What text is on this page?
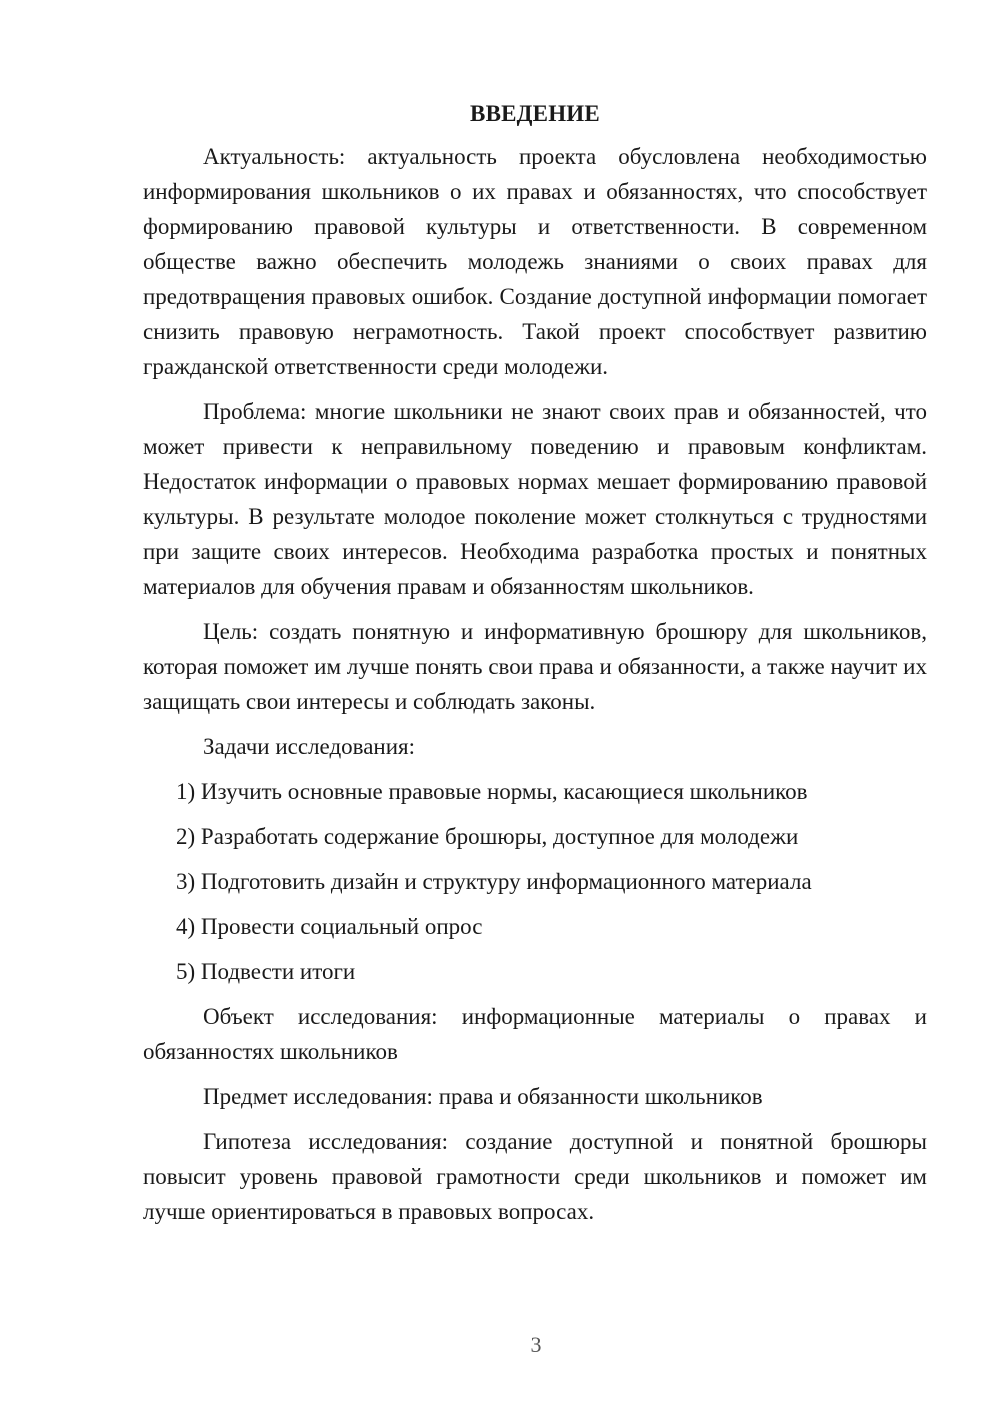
ВВЕДЕНИЕ

Актуальность: актуальность проекта обусловлена необходимостью информирования школьников о их правах и обязанностях, что способствует формированию правовой культуры и ответственности. В современном обществе важно обеспечить молодежь знаниями о своих правах для предотвращения правовых ошибок. Создание доступной информации помогает снизить правовую неграмотность. Такой проект способствует развитию гражданской ответственности среди молодежи.

Проблема: многие школьники не знают своих прав и обязанностей, что может привести к неправильному поведению и правовым конфликтам. Недостаток информации о правовых нормах мешает формированию правовой культуры. В результате молодое поколение может столкнуться с трудностями при защите своих интересов. Необходима разработка простых и понятных материалов для обучения правам и обязанностям школьников.

Цель: создать понятную и информативную брошюру для школьников, которая поможет им лучше понять свои права и обязанности, а также научит их защищать свои интересы и соблюдать законы.

Задачи исследования:

1) Изучить основные правовые нормы, касающиеся школьников
2) Разработать содержание брошюры, доступное для молодежи
3) Подготовить дизайн и структуру информационного материала
4) Провести социальный опрос
5) Подвести итоги

Объект исследования: информационные материалы о правах и обязанностях школьников

Предмет исследования: права и обязанности школьников

Гипотеза исследования: создание доступной и понятной брошюры повысит уровень правовой грамотности среди школьников и поможет им лучше ориентироваться в правовых вопросах.

3
